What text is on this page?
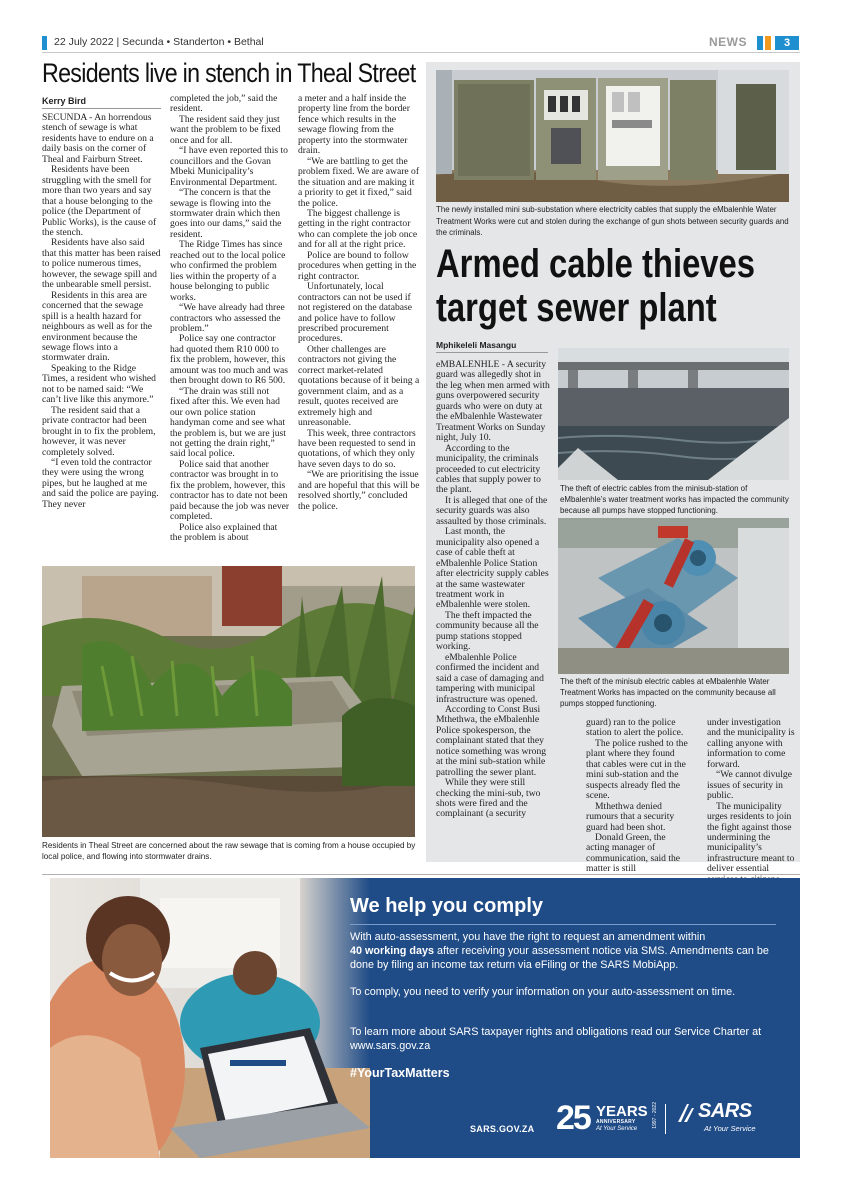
22 July 2022 | Secunda • Standerton • Bethal	NEWS	3
Residents live in stench in Theal Street
Kerry Bird

SECUNDA - An horrendous stench of sewage is what residents have to endure on a daily basis on the corner of Theal and Fairburn Street.

Residents have been struggling with the smell for more than two years and say that a house belonging to the police (the Department of Public Works), is the cause of the stench.

Residents have also said that this matter has been raised to police numerous times, however, the sewage spill and the unbearable smell persist.

Residents in this area are concerned that the sewage spill is a health hazard for neighbours as well as for the environment because the sewage flows into a stormwater drain.

Speaking to the Ridge Times, a resident who wished not to be named said: “We can’t live like this anymore.”

The resident said that a private contractor had been brought in to fix the problem, however, it was never completely solved.

“I even told the contractor they were using the wrong pipes, but he laughed at me and said the police are paying. They never

completed the job,” said the resident.

The resident said they just want the problem to be fixed once and for all.

“I have even reported this to councillors and the Govan Mbeki Municipality’s Environmental Department.

“The concern is that the sewage is flowing into the stormwater drain which then goes into our dams,” said the resident.

The Ridge Times has since reached out to the local police who confirmed the problem lies within the property of a house belonging to public works.

“We have already had three contractors who assessed the problem.”

Police say one contractor had quoted them R10 000 to fix the problem, however, this amount was too much and was then brought down to R6 500.

“The drain was still not fixed after this. We even had our own police station handyman come and see what the problem is, but we are just not getting the drain right,” said local police.

Police said that another contractor was brought in to fix the problem, however, this contractor has to date not been paid because the job was never completed.

Police also explained that the problem is about

a meter and a half inside the property line from the border fence which results in the sewage flowing from the property into the stormwater drain.

“We are battling to get the problem fixed. We are aware of the situation and are making it a priority to get it fixed,” said the police.

The biggest challenge is getting in the right contractor who can complete the job once and for all at the right price.

Police are bound to follow procedures when getting in the right contractor.

Unfortunately, local contractors can not be used if not registered on the database and police have to follow prescribed procurement procedures.

Other challenges are contractors not giving the correct market-related quotations because of it being a government claim, and as a result, quotes received are extremely high and unreasonable.

This week, three contractors have been requested to send in quotations, of which they only have seven days to do so.

“We are prioritising the issue and are hopeful that this will be resolved shortly,” concluded the police.

Residents in Theal Street are concerned about the raw sewage that is coming from a house occupied by local police, and flowing into stormwater drains.
The newly installed mini sub-substation where electricity cables that supply the eMbalenhle Water Treatment Works were cut and stolen during the exchange of gun shots between security guards and the criminals.
Armed cable thieves
target sewer plant
Mphikeleli Masangu

eMBALENHLE - A security guard was allegedly shot in the leg when men armed with guns overpowered security guards who were on duty at the eMbalenhle Wastewater Treatment Works on Sunday night, July 10.

According to the municipality, the criminals proceeded to cut electricity cables that supply power to the plant.

It is alleged that one of the security guards was also assaulted by those criminals.

Last month, the municipality also opened a case of cable theft at eMbalenhle Police Station after electricity supply cables at the same wastewater treatment work in eMbalenhle were stolen.

The theft impacted the community because all the pump stations stopped working.

eMbalenhle Police confirmed the incident and said a case of damaging and tampering with municipal infrastructure was opened.

According to Const Busi Mthethwa, the eMbalenhle Police spokesperson, the complainant stated that they notice something was wrong at the mini sub-station while patrolling the sewer plant.

While they were still checking the mini-sub, two shots were fired and the complainant (a security

The theft of electric cables from the minisub-station of eMbalenhle’s water treatment works has impacted the community because all pumps have stopped functioning.
The theft of the minisub electric cables at eMbalenhle Water Treatment Works has impacted on the community because all pumps stopped functioning.

guard) ran to the police station to alert the police.

The police rushed to the plant where they found that cables were cut in the mini sub-station and the suspects already fled the scene.

Mthethwa denied rumours that a security guard had been shot.

Donald Green, the acting manager of communication, said the matter is still

under investigation and the municipality is calling anyone with information to come forward.

“We cannot divulge issues of security in public.

The municipality urges residents to join the fight against those undermining the municipality’s infrastructure meant to deliver essential

We help you comply
With auto-assessment, you have the right to request an amendment within
40 working days after receiving your assessment notice via SMS. Amendments can be done by filing an income tax return via eFiling or the SARS MobiApp.
To comply, you need to verify your information on your auto-assessment on time.
To learn more about SARS taxpayer rights and obligations read our Service Charter at www.sars.gov.za
#YourTaxMatters
SARS.GOV.ZA 25 YEARS
ANNIVERSARY
At Your Service
1997 - 2022 SARS
At Your Service
